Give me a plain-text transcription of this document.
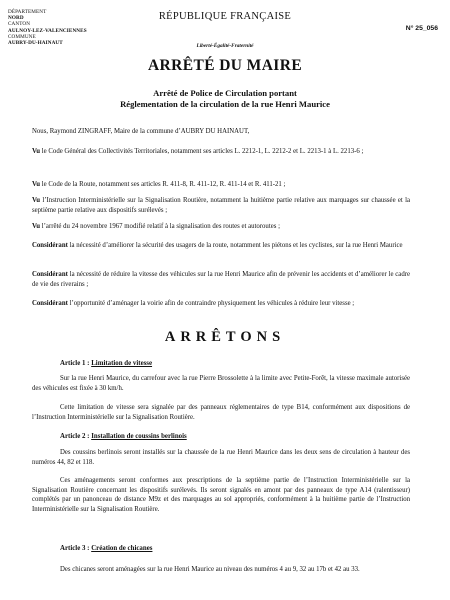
DÉPARTEMENT
NORD
CANTON
AULNOY-LEZ-VALENCIENNES
COMMUNE
AUBRY-DU-HAINAUT
RÉPUBLIQUE FRANÇAISE
Liberté-Égalité-Fraternité
N° 25_056
ARRÊTÉ DU MAIRE
Arrêté de Police de Circulation portant
Réglementation de la circulation de la rue Henri Maurice

Nous, Raymond ZINGRAFF, Maire de la commune d’AUBRY DU HAINAUT,

Vu le Code Général des Collectivités Territoriales, notamment ses articles L. 2212-1, L. 2212-2 et L. 2213-1 à L. 2213-6 ;

Vu le Code de la Route, notamment ses articles R. 411-8, R. 411-12, R. 411-14 et R. 411-21 ;

Vu l’Instruction Interministérielle sur la Signalisation Routière, notamment la huitième partie relative aux marquages sur chaussée et la septième partie relative aux dispositifs surélevés ;

Vu l’arrêté du 24 novembre 1967 modifié relatif à la signalisation des routes et autoroutes ;

Considérant la nécessité d’améliorer la sécurité des usagers de la route, notamment les piétons et les cyclistes, sur la rue Henri Maurice

Considérant la nécessité de réduire la vitesse des véhicules sur la rue Henri Maurice afin de prévenir les accidents et d’améliorer le cadre de vie des riverains ;

Considérant l’opportunité d’aménager la voirie afin de contraindre physiquement les véhicules à réduire leur vitesse ;

ARRÊTONS
Article 1 : Limitation de vitesse
Sur la rue Henri Maurice, du carrefour avec la rue Pierre Brossolette à la limite avec Petite-Forêt, la vitesse maximale autorisée des véhicules est fixée à 30 km/h.
Cette limitation de vitesse sera signalée par des panneaux réglementaires de type B14, conformément aux dispositions de l’Instruction Interministérielle sur la Signalisation Routière.
Article 2 : Installation de coussins berlinois
Des coussins berlinois seront installés sur la chaussée de la rue Henri Maurice dans les deux sens de circulation à hauteur des numéros 44, 82 et 118.
Ces aménagements seront conformes aux prescriptions de la septième partie de l’Instruction Interministérielle sur la Signalisation Routière concernant les dispositifs surélevés. Ils seront signalés en amont par des panneaux de type A14 (ralentisseur) complétés par un panonceau de distance M9z et des marquages au sol appropriés, conformément à la huitième partie de l’Instruction Interministérielle sur la Signalisation Routière.
Article 3 : Création de chicanes
Des chicanes seront aménagées sur la rue Henri Maurice au niveau des numéros 4 au 9, 32 au 17b et 42 au 33.
